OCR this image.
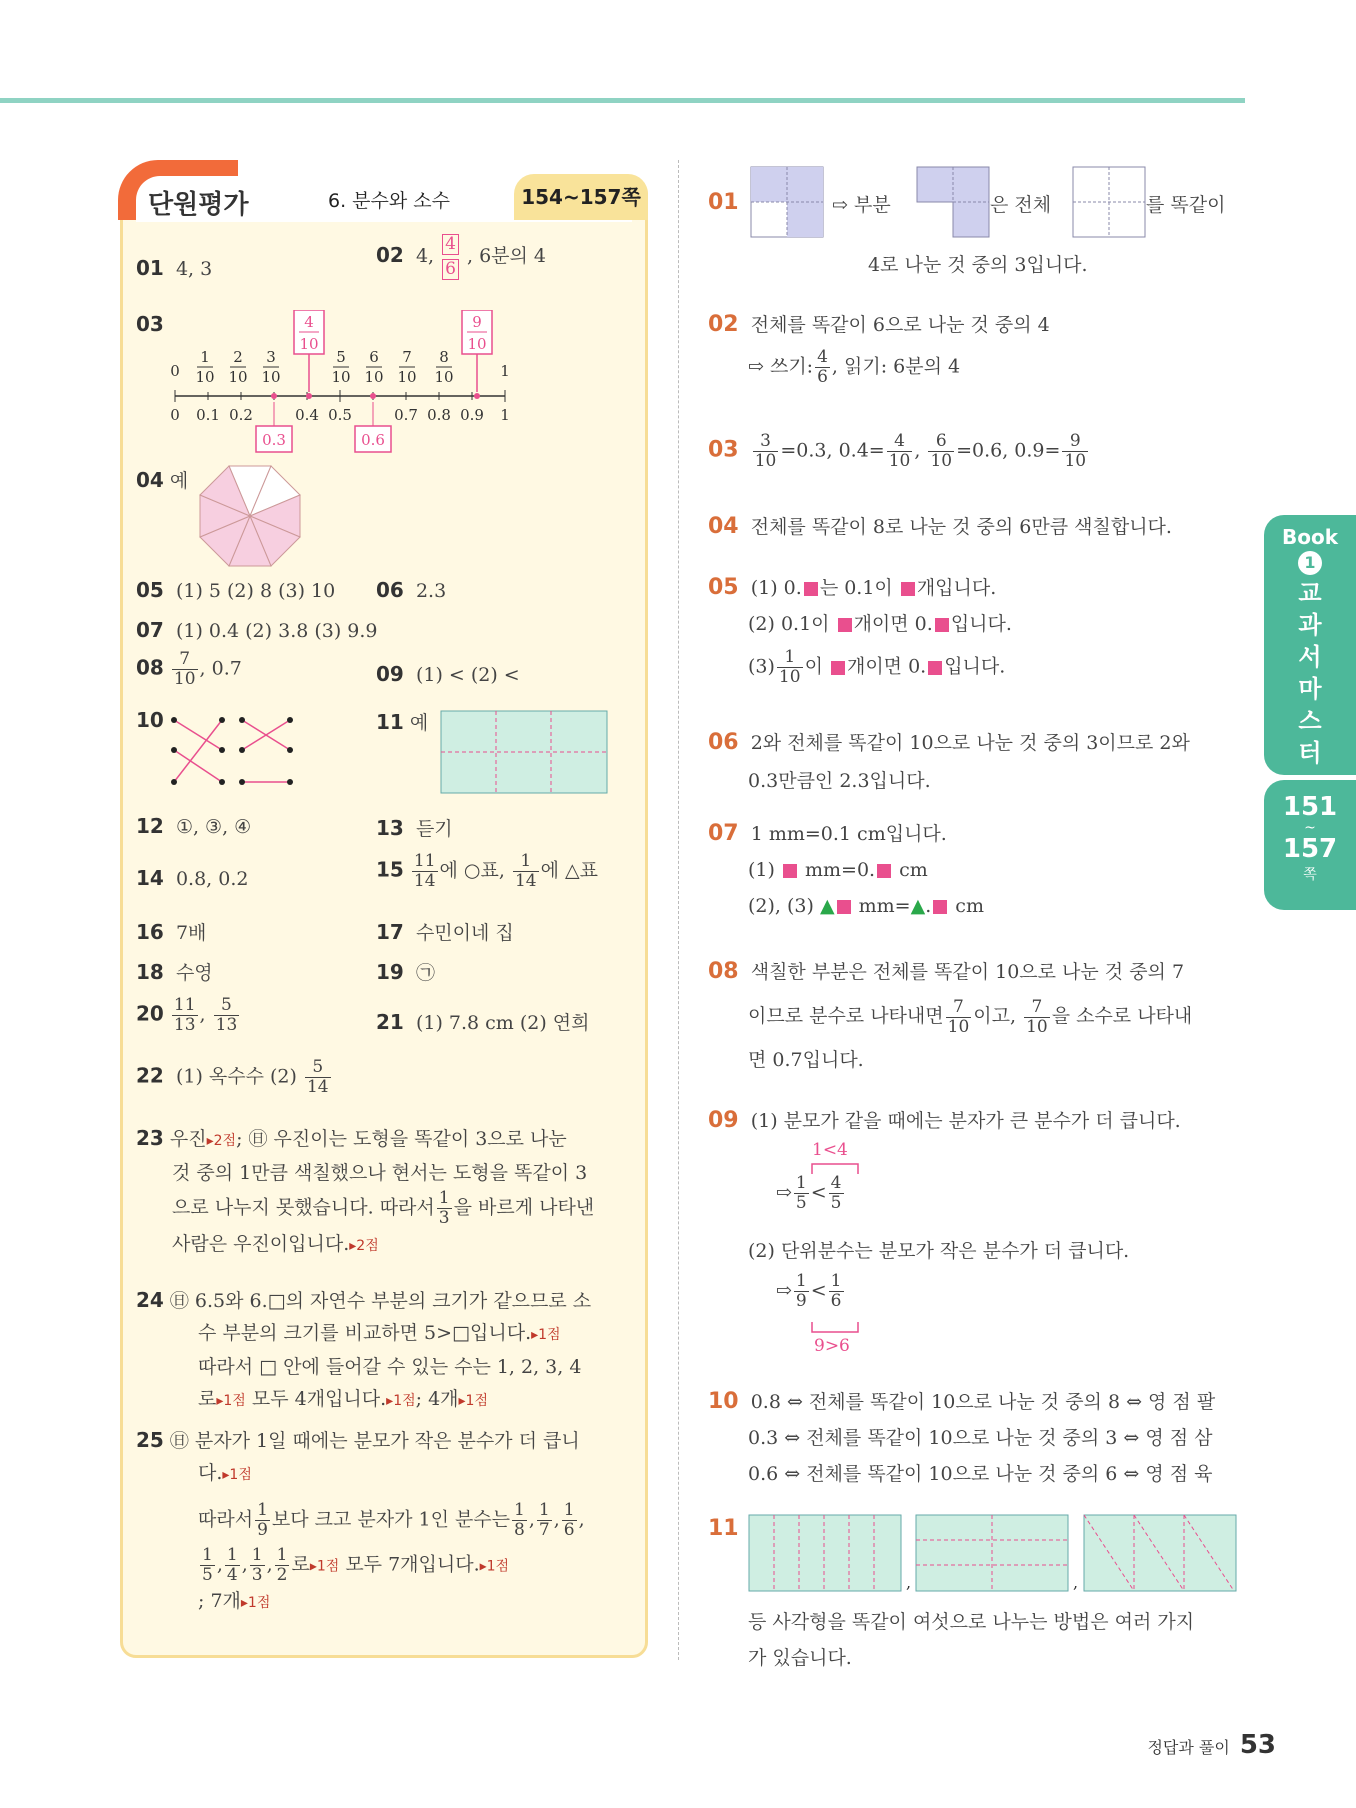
단원평가	6. 분수와 소수	154~157쪽
01 4, 3
02 4, $\frac{4}{6}$ , 6분의 4
03	4
10
9
10
0
1
10
2
10
3
10
5
10
6
10
7
10
8
10	1
0 0.1 0.2	0.4 0.5	0.7 0.8 0.9 1
0.3	0.6
04 예
05 (1) 5 (2) 8 (3) 10 06 2.3
07 (1) 0.4 (2) 3.8 (3) 9.9
$08 \frac{7}{10}$ , 0.7	09 (1) < (2) <
10	11 예
12 ①, ③, ④	13 듣기
14 0.8, 0.2	$15 \frac{11}{14}$ 에 ○표, $\frac{1}{14}$ 에 △표
16 7배	17 수민이네 집
18 수영	19 ㉠
$20 \frac{11}{13}$ , $\frac{5}{13}$	21 (1) 7.8 cm (2) 연희
22 (1) 옥수수 $(2) \frac{5}{14}$
23 우진▸2점; ㊐ 우진이는 도형을 똑같이 3으로 나눈
것 중의 1만큼 색칠했으나 현서는 도형을 똑같이 3
으로 나누지 못했습니다. 따라서 $\frac{1}{3}$ 을 바르게 나타낸
사람은 우진이입니다.▸2점
24 ㊐ 6.5와 6.□의 자연수 부분의 크기가 같으므로 소
수 부분의 크기를 비교하면 5>□입니다.▸1점
따라서 □ 안에 들어갈 수 있는 수는 1, 2, 3, 4
로▸1점 모두 4개입니다.▸1점; 4개▸1점
25 ㊐ 분자가 1일 때에는 분모가 작은 분수가 더 큽니
다.▸1점
따라서 $\frac{1}{9}$ 보다 크고 분자가 1인 분수는 $\frac{1}{8}$ , $\frac{1}{7}$ , $\frac{1}{6}$ ,
$\frac{1}{5}$ , $\frac{1}{4}$ , $\frac{1}{3}$ , $\frac{1}{2}$ 로▸1점 모두 7개입니다.▸1점
; 7개▸1점
01	⇨ 부분	은 전체	를 똑같이
4로 나눈 것 중의 3입니다.
02 전체를 똑같이 6으로 나눈 것 중의 4
⇨ 쓰기: $\frac{4}{6}$ , 읽기: 6분의 4
$03 \frac{3}{10} =0.3$, $0.4= \frac{4}{10}$ , $\frac{6}{10} =0.6$, $0.9= \frac{9}{10}$
04 전체를 똑같이 8로 나눈 것 중의 6만큼 색칠합니다.
05 (1) 0. 는 0.1이 개입니다.
(2) 0.1이 개이면 0. 입니다.
$(3) \frac{1}{10}$ 이 개이면 0. 입니다.
06 2와 전체를 똑같이 10으로 나눈 것 중의 3이므로 2와
0.3만큼인 2.3입니다.
07 1 mm=0.1 cm입니다.
(1) mm=0. cm
(2), (3) ▲ mm=▲. cm
08 색칠한 부분은 전체를 똑같이 10으로 나눈 것 중의 7
이므로 분수로 나타내면 $\frac{7}{10}$ 이고, $\frac{7}{10}$ 을 소수로 나타내
면 0.7입니다.
09 (1) 분모가 같을 때에는 분자가 큰 분수가 더 큽니다.
1<4
⇨ $\frac{1}{5} < \frac{4}{5}$
(2) 단위분수는 분모가 작은 분수가 더 큽니다.
⇨ $\frac{1}{9} < \frac{1}{6}$
9>6
10 0.8 ⇔ 전체를 똑같이 10으로 나눈 것 중의 8 ⇔ 영 점 팔
0.3 ⇔ 전체를 똑같이 10으로 나눈 것 중의 3 ⇔ 영 점 삼
0.6 ⇔ 전체를 똑같이 10으로 나눈 것 중의 6 ⇔ 영 점 육
11
,	,
등 사각형을 똑같이 여섯으로 나누는 방법은 여러 가지
가 있습니다.
Book
1
교
과
서
마
스
터
151
~
157
쪽
정답과 풀이 53
